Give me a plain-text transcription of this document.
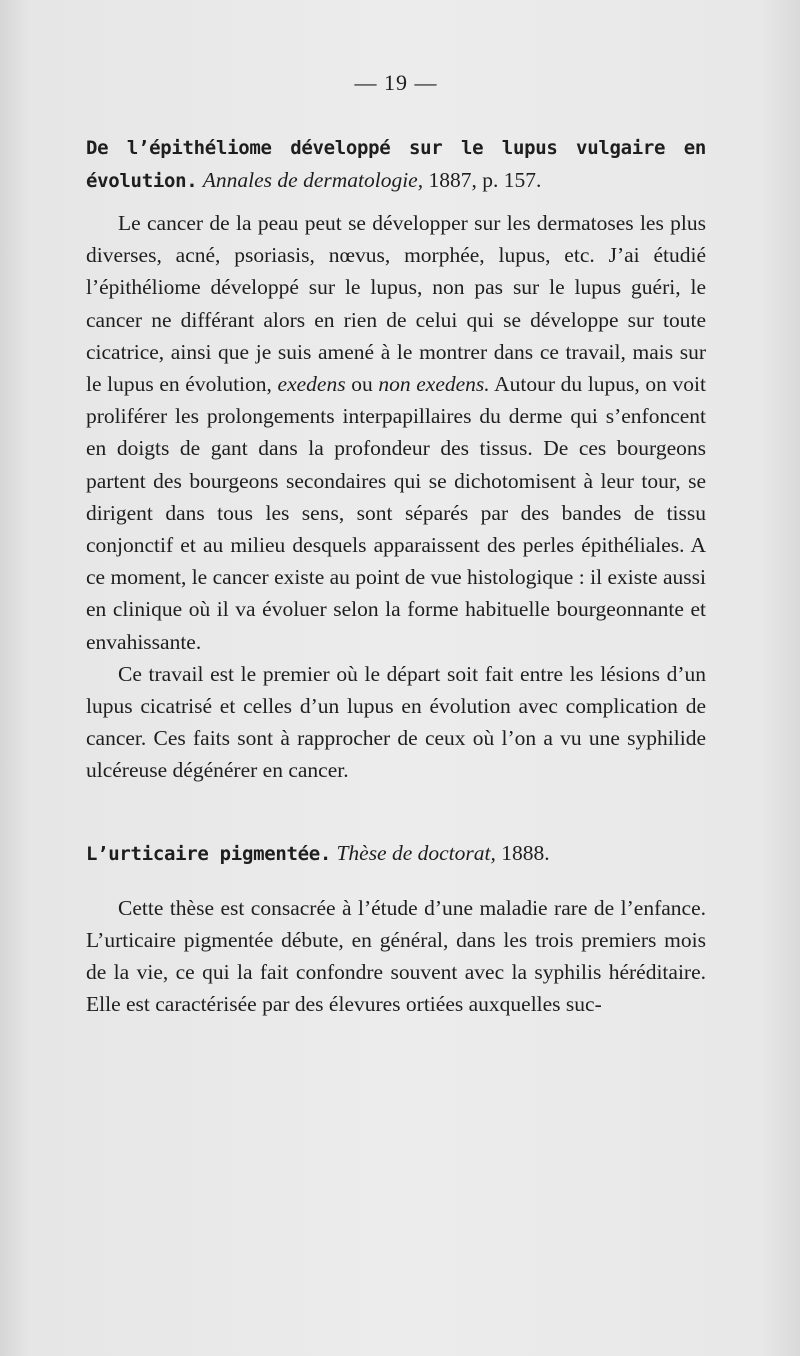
— 19 —

De l’épithéliome développé sur le lupus vulgaire en évolution. Annales de dermatologie, 1887, p. 157.

Le cancer de la peau peut se développer sur les dermatoses les plus diverses, acné, psoriasis, nœvus, morphée, lupus, etc. J’ai étudié l’épithéliome développé sur le lupus, non pas sur le lupus guéri, le cancer ne différant alors en rien de celui qui se développe sur toute cicatrice, ainsi que je suis amené à le montrer dans ce travail, mais sur le lupus en évolution, exedens ou non exedens. Autour du lupus, on voit proliférer les prolongements interpapillaires du derme qui s’enfoncent en doigts de gant dans la profondeur des tissus. De ces bourgeons partent des bourgeons secondaires qui se dichotomisent à leur tour, se dirigent dans tous les sens, sont séparés par des bandes de tissu conjonctif et au milieu desquels apparaissent des perles épithéliales. A ce moment, le cancer existe au point de vue histologique : il existe aussi en clinique où il va évoluer selon la forme habituelle bourgeonnante et envahissante.

Ce travail est le premier où le départ soit fait entre les lésions d’un lupus cicatrisé et celles d’un lupus en évolution avec complication de cancer. Ces faits sont à rapprocher de ceux où l’on a vu une syphilide ulcéreuse dégénérer en cancer.

L’urticaire pigmentée. Thèse de doctorat, 1888.

Cette thèse est consacrée à l’étude d’une maladie rare de l’enfance. L’urticaire pigmentée débute, en général, dans les trois premiers mois de la vie, ce qui la fait confondre souvent avec la syphilis héréditaire. Elle est caractérisée par des élevures ortiées auxquelles suc-
